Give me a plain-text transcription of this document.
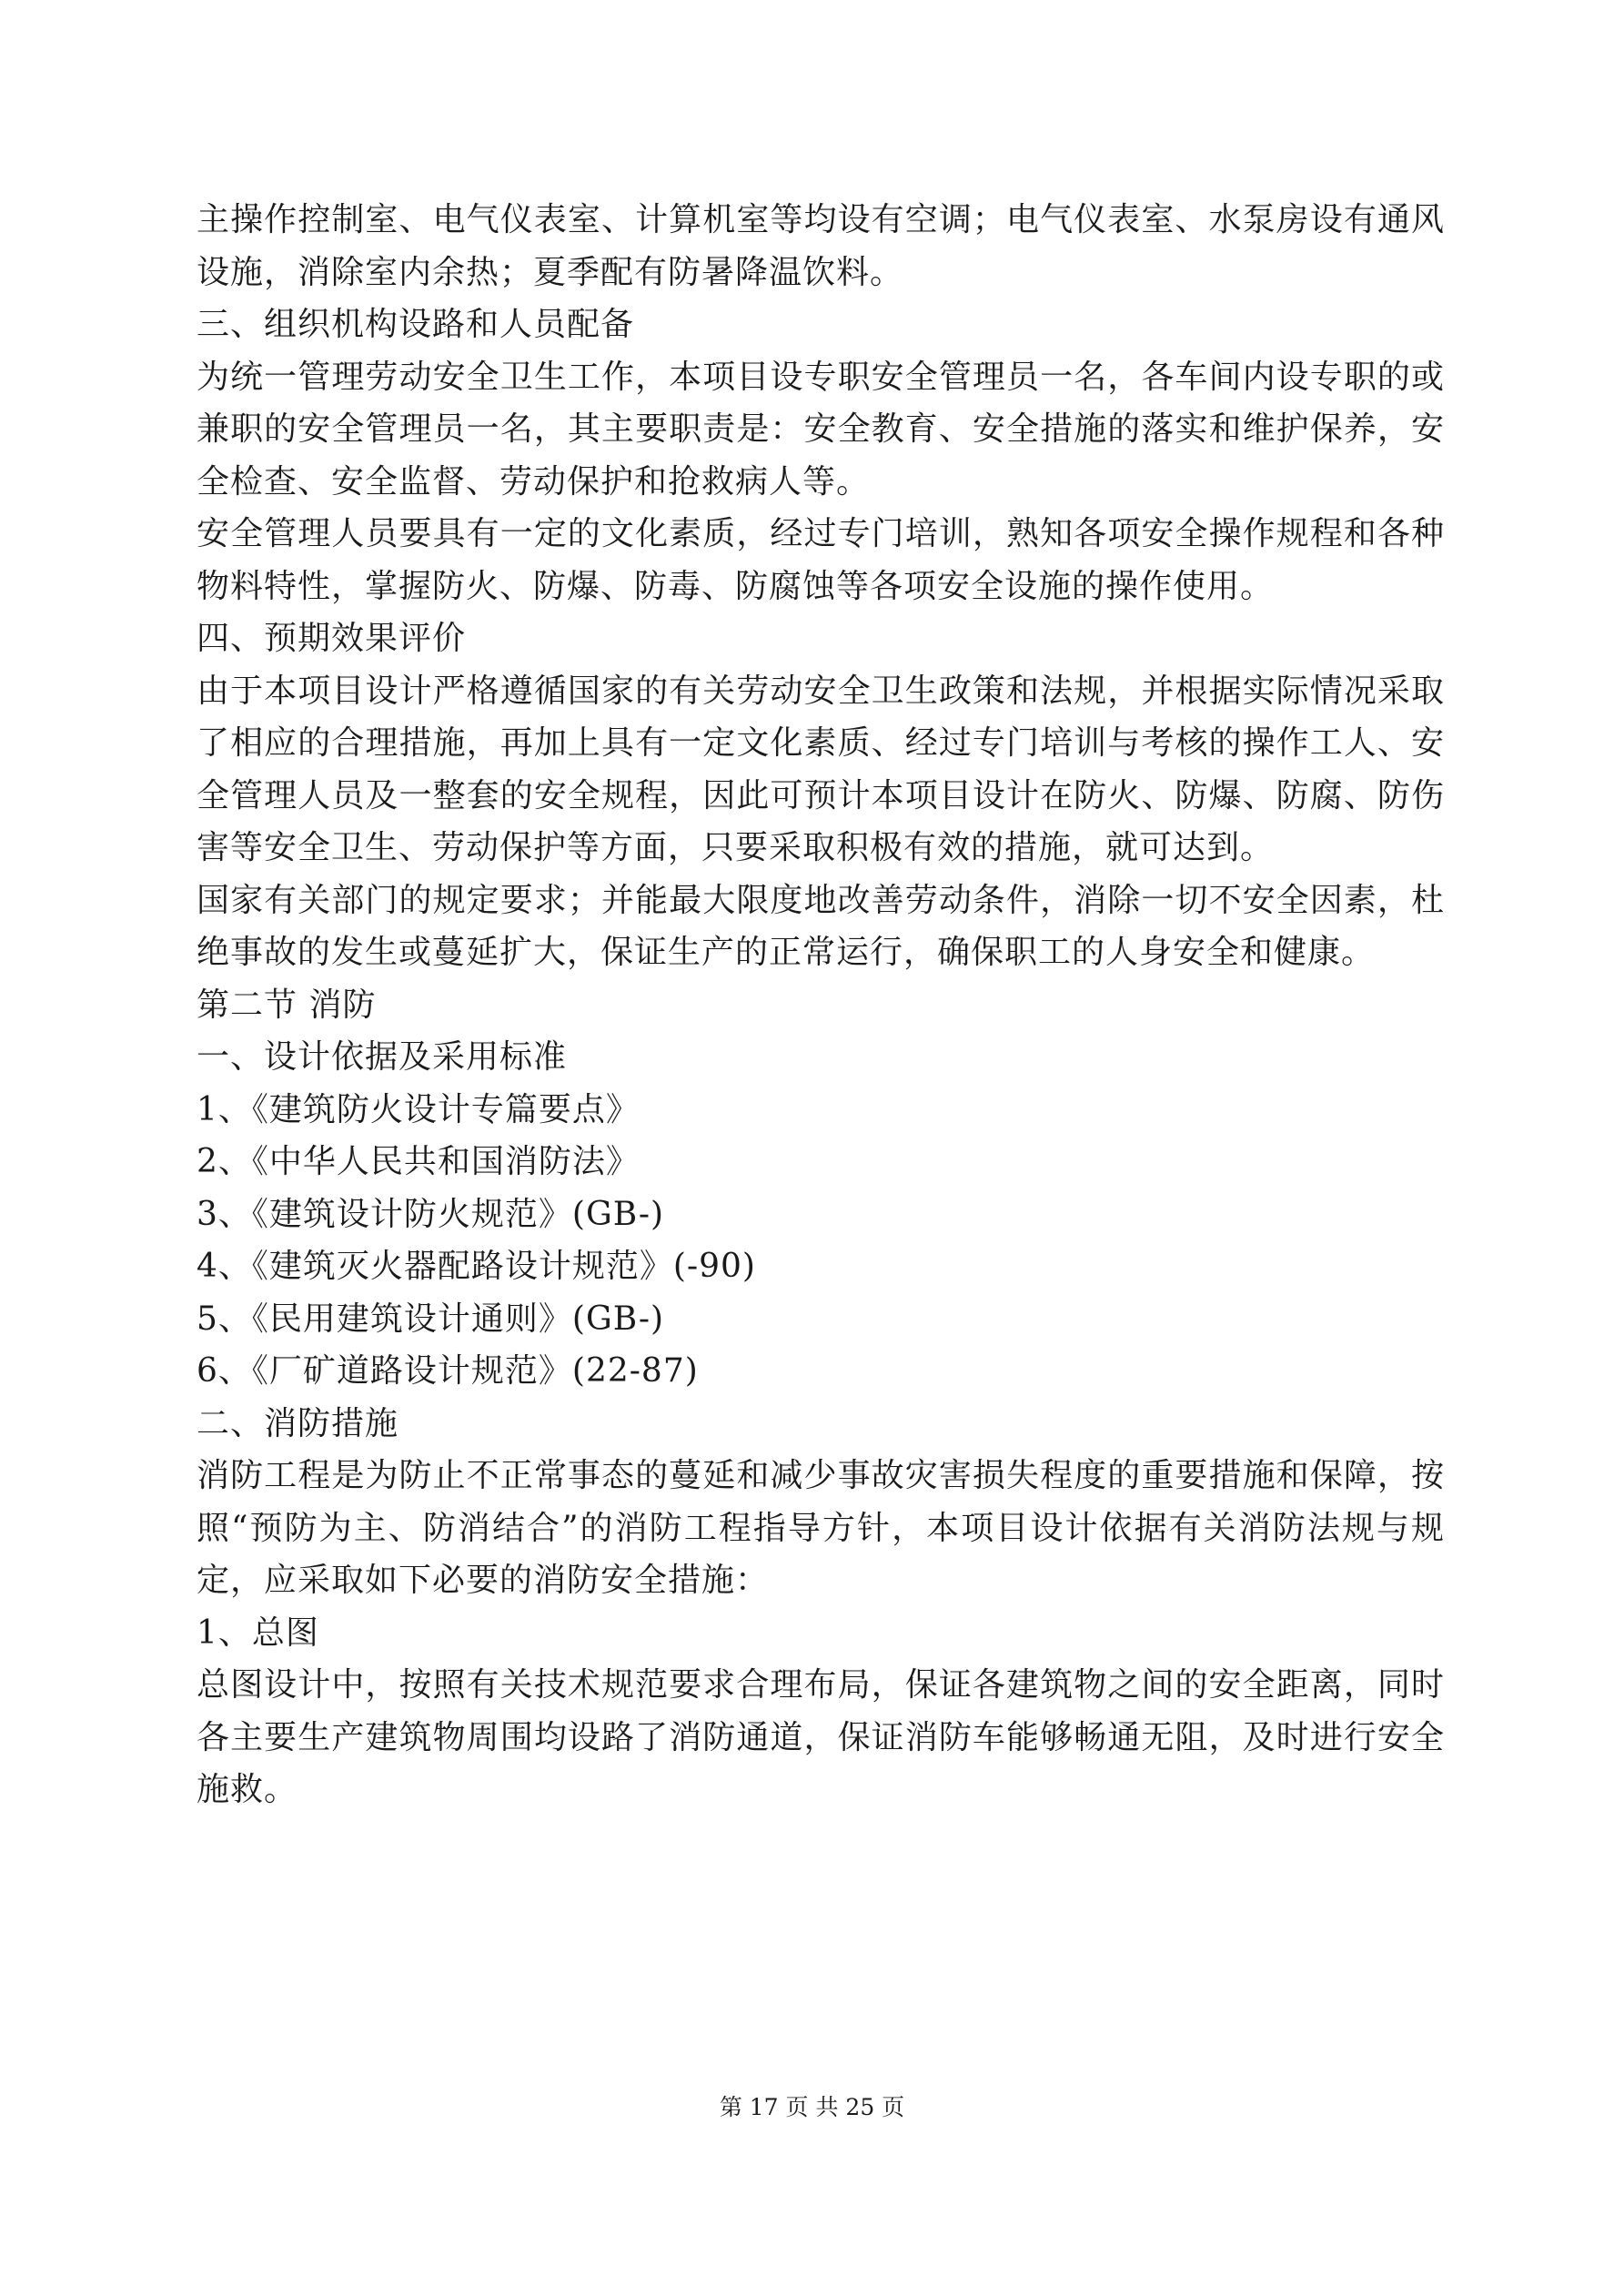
主操作控制室、电气仪表室、计算机室等均设有空调；电气仪表室、水泵房设有通风设施，消除室内余热；夏季配有防暑降温饮料。

三、组织机构设路和人员配备

为统一管理劳动安全卫生工作，本项目设专职安全管理员一名，各车间内设专职的或兼职的安全管理员一名，其主要职责是：安全教育、安全措施的落实和维护保养，安全检查、安全监督、劳动保护和抢救病人等。

安全管理人员要具有一定的文化素质，经过专门培训，熟知各项安全操作规程和各种物料特性，掌握防火、防爆、防毒、防腐蚀等各项安全设施的操作使用。

四、预期效果评价

由于本项目设计严格遵循国家的有关劳动安全卫生政策和法规，并根据实际情况采取了相应的合理措施，再加上具有一定文化素质、经过专门培训与考核的操作工人、安全管理人员及一整套的安全规程，因此可预计本项目设计在防火、防爆、防腐、防伤害等安全卫生、劳动保护等方面，只要采取积极有效的措施，就可达到。

国家有关部门的规定要求；并能最大限度地改善劳动条件，消除一切不安全因素，杜绝事故的发生或蔓延扩大，保证生产的正常运行，确保职工的人身安全和健康。

第二节 消防

一、设计依据及采用标准

1、《建筑防火设计专篇要点》

2、《中华人民共和国消防法》

3、《建筑设计防火规范》(GB-)

4、《建筑灭火器配路设计规范》(-90)

5、《民用建筑设计通则》(GB-)

6、《厂矿道路设计规范》(22-87)

二、消防措施

消防工程是为防止不正常事态的蔓延和减少事故灾害损失程度的重要措施和保障，按照“预防为主、防消结合”的消防工程指导方针，本项目设计依据有关消防法规与规定，应采取如下必要的消防安全措施：

1、总图

总图设计中，按照有关技术规范要求合理布局，保证各建筑物之间的安全距离，同时各主要生产建筑物周围均设路了消防通道，保证消防车能够畅通无阻，及时进行安全施救。

第 17 页 共 25 页
